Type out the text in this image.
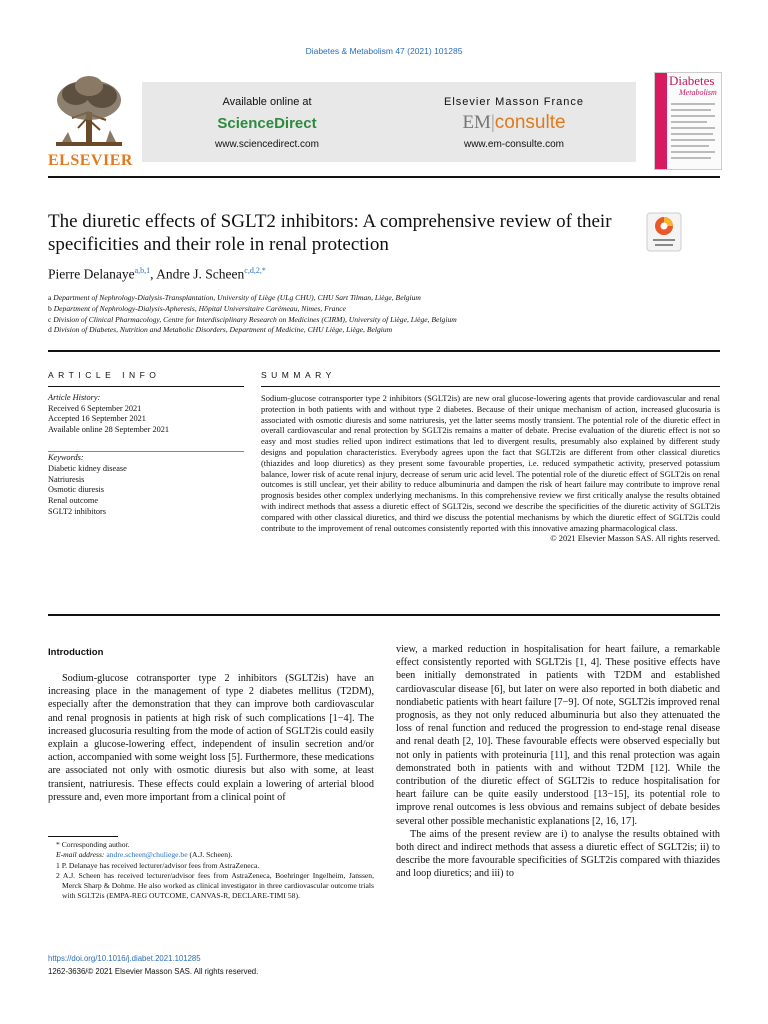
Diabetes & Metabolism 47 (2021) 101285
ELSEVIER
Available online at
ScienceDirect
www.sciencedirect.com
Elsevier Masson France
EM|consulte
www.em-consulte.com
Diabetes
Metabolism
The diuretic effects of SGLT2 inhibitors: A comprehensive review of their specificities and their role in renal protection
Pierre Delanaye$^{a,b,1}$, Andre J. Scheen$^{c,d,2,*}$
a Department of Nephrology-Dialysis-Transplantation, University of Liège (ULg CHU), CHU Sart Tilman, Liège, Belgium
b Department of Nephrology-Dialysis-Apheresis, Hôpital Universitaire Carémeau, Nimes, France
c Division of Clinical Pharmacology, Centre for Interdisciplinary Research on Medicines (CIRM), University of Liège, Liège, Belgium
d Division of Diabetes, Nutrition and Metabolic Disorders, Department of Medicine, CHU Liège, Liège, Belgium
ARTICLE INFO	SUMMARY
Article History:
Received 6 September 2021
Accepted 16 September 2021
Available online 28 September 2021
Keywords:
Diabetic kidney disease
Natriuresis
Osmotic diuresis
Renal outcome
SGLT2 inhibitors
Sodium-glucose cotransporter type 2 inhibitors (SGLT2is) are new oral glucose-lowering agents that provide cardiovascular and renal protection in both patients with and without type 2 diabetes. Because of their unique mechanism of action, increased glucosuria is associated with osmotic diuresis and some natriuresis, yet the latter seems mostly transient. The potential role of the diuretic effect in overall cardiovascular and renal protection by SGLT2is remains a matter of debate. Precise evaluation of the diuretic effect is not so easy and most studies relied upon indirect estimations that led to divergent results, presumably also explained by different study designs and population characteristics. Everybody agrees upon the fact that SGLT2is are different from other classical diuretics (thiazides and loop diuretics) as they present some favourable properties, i.e. reduced sympathetic activity, preserved potassium balance, lower risk of acute renal injury, decrease of serum uric acid level. The potential role of the diuretic effect of SGLT2is on renal outcomes is still unclear, yet their ability to reduce albuminuria and dampen the risk of heart failure may contribute to improve renal prognosis besides other complex underlying mechanisms. In this comprehensive review we first critically analyse the results obtained with indirect methods that assess a diuretic effect of SGLT2is, second we describe the specificities of the diuretic activity of SGLT2is compared with other classical diuretics, and third we discuss the potential mechanisms by which the diuretic effect of SGLT2is could contribute to the improvement of renal outcomes consistently reported with this innovative amazing pharmacological class.
© 2021 Elsevier Masson SAS. All rights reserved.
Introduction

Sodium-glucose cotransporter type 2 inhibitors (SGLT2is) have an increasing place in the management of type 2 diabetes mellitus (T2DM), especially after the demonstration that they can improve both cardiovascular and renal prognosis in patients at high risk of such complications [1−4]. The increased glucosuria resulting from the mode of action of SGLT2is could easily explain a glucose-lowering effect, independent of insulin secretion and/or action, accompanied with some weight loss [5]. Furthermore, these medications are associated not only with osmotic diuresis but also with some, at least transient, natriuresis. These effects could explain a lowering of arterial blood pressure and, even more important from a clinical point of

view, a marked reduction in hospitalisation for heart failure, a remarkable effect consistently reported with SGLT2is [1, 4]. These positive effects have been initially demonstrated in patients with T2DM and established cardiovascular disease [6], but later on were also reported in both diabetic and nondiabetic patients with heart failure [7−9]. Of note, SGLT2is improved renal prognosis, as they not only reduced albuminuria but also they attenuated the loss of renal function and reduced the progression to end-stage renal disease and renal death [2, 10]. These favourable effects were observed especially but not only in patients with proteinuria [11], and this renal protection was again demonstrated both in patients with and without T2DM [12]. While the contribution of the diuretic effect of SGLT2is to reduce hospitalisation for heart failure can be quite easily understood [13−15], its potential role to improve renal outcomes is less obvious and remains subject of debate besides several other possible mechanistic explanations [2, 16, 17].

The aims of the present review are i) to analyse the results obtained with both direct and indirect methods that assess a diuretic effect of SGLT2is; ii) to describe the more favourable specificities of SGLT2is compared with thiazides and loop diuretics; and iii) to

* Corresponding author.

E-mail address: andre.scheen@chuliege.be (A.J. Scheen).

1 P. Delanaye has received lecturer/advisor fees from AstraZeneca.

2 A.J. Scheen has received lecturer/advisor fees from AstraZeneca, Boehringer Ingelheim, Janssen, Merck Sharp & Dohme. He also worked as clinical investigator in three cardiovascular outcome trials with SGLT2is (EMPA-REG OUTCOME, CANVAS-R, DECLARE-TIMI 58).

https://doi.org/10.1016/j.diabet.2021.101285
1262-3636/© 2021 Elsevier Masson SAS. All rights reserved.
